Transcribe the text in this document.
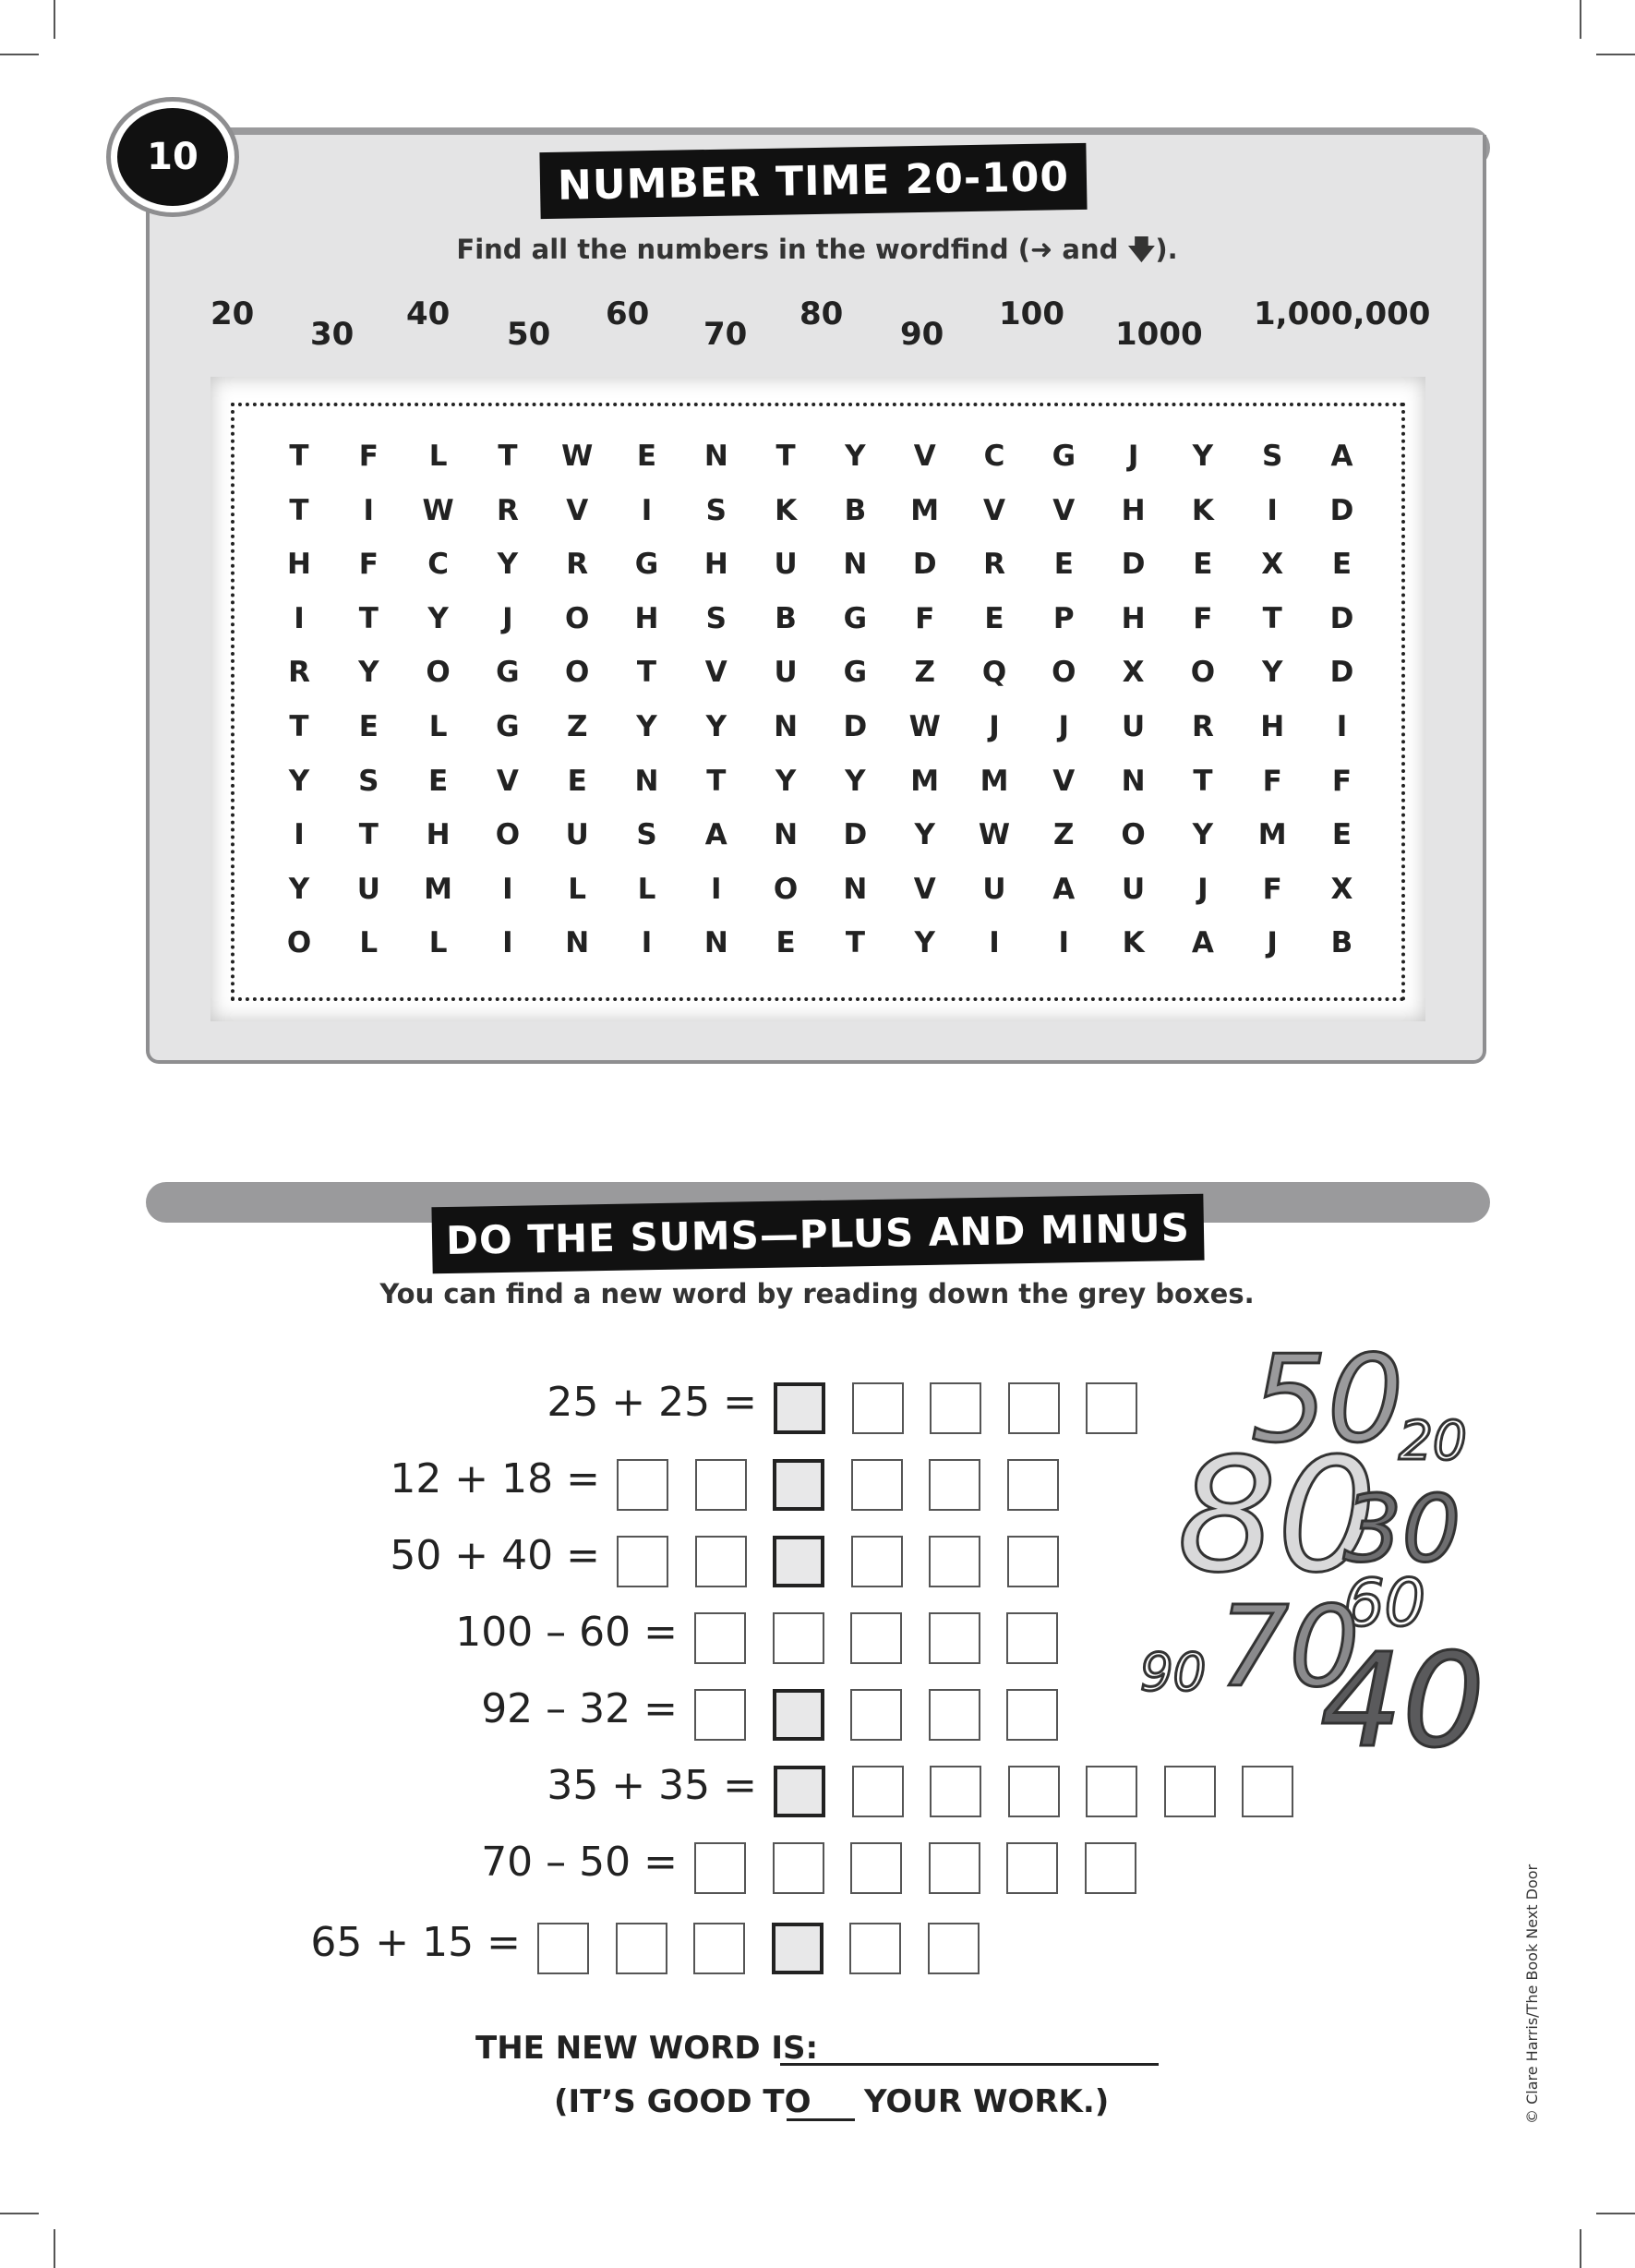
10	NUMBER TIME 20-100
Find all the numbers in the wordfind (➜ and 🡇).
20
30
40
50
60
70
80
90
100
1000
1,000,000
T	F	L	T	W	E	N	T	Y	V	C	G	J	Y	S	A
T	I	W	R	V	I	S	K	B	M	V	V	H	K	I	D
H	F	C	Y	R	G	H	U	N	D	R	E	D	E	X	E
I	T	Y	J	O	H	S	B	G	F	E	P	H	F	T	D
R	Y	O	G	O	T	V	U	G	Z	Q	O	X	O	Y	D
T	E	L	G	Z	Y	Y	N	D	W	J	J	U	R	H	I
Y	S	E	V	E	N	T	Y	Y	M	M	V	N	T	F	F
I	T	H	O	U	S	A	N	D	Y	W	Z	O	Y	M	E
Y	U	M	I	L	L	I	O	N	V	U	A	U	J	F	X
O	L	L	I	N	I	N	E	T	Y	I	I	K	A	J	B
DO THE SUMS—PLUS AND MINUS
You can find a new word by reading down the grey boxes.
25 + 25 =
12 + 18 =
50 + 40 =
100 – 60 =
92 – 32 =
35 + 35 =
70 – 50 =
65 + 15 =
50
20
80
30
60
70
90 40
THE NEW WORD IS:
(IT’S GOOD TO YOUR WORK.)	© Clare Harris/The Book Next Door
